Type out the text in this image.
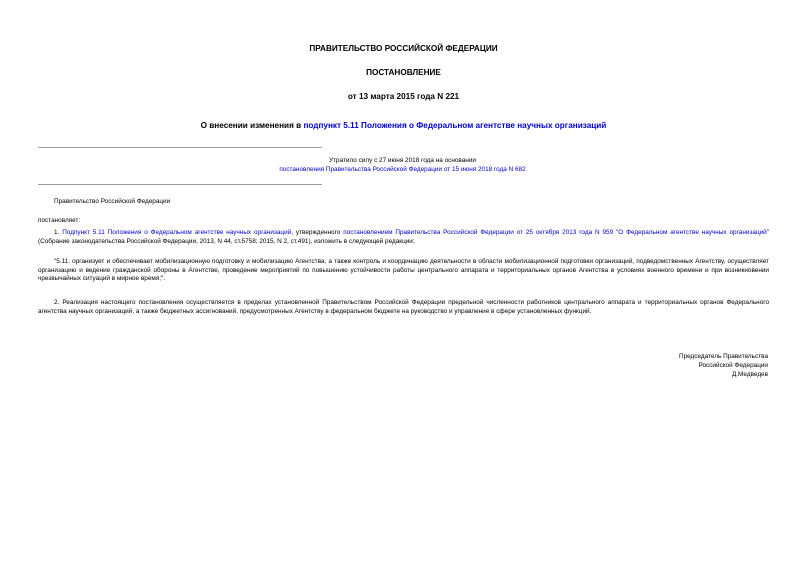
ПРАВИТЕЛЬСТВО РОССИЙСКОЙ ФЕДЕРАЦИИ

ПОСТАНОВЛЕНИЕ

от 13 марта 2015 года N 221

О внесении изменения в подпункт 5.11 Положения о Федеральном агентстве научных организаций

Утратило силу с 27 июня 2018 года на основании
постановления Правительства Российской Федерации от 15 июня 2018 года N 682

Правительство Российской Федерации

постановляет:

1. Подпункт 5.11 Положения о Федеральном агентстве научных организаций, утвержденного постановлением Правительства Российской Федерации от 25 октября 2013 года N 959 "О Федеральном агентстве научных организаций" (Собрание законодательства Российской Федерации, 2013, N 44, ст.5758; 2015, N 2, ст.491), изложить в следующей редакции:

"5.11. организует и обеспечивает мобилизационную подготовку и мобилизацию Агентства, а также контроль и координацию деятельности в области мобилизационной подготовки организаций, подведомственных Агентству, осуществляет организацию и ведение гражданской обороны в Агентстве, проведение мероприятий по повышению устойчивости работы центрального аппарата и территориальных органов Агентства в условиях военного времени и при возникновении чрезвычайных ситуаций в мирное время;".

2. Реализация настоящего постановления осуществляется в пределах установленной Правительством Российской Федерации предельной численности работников центрального аппарата и территориальных органов Федерального агентства научных организаций, а также бюджетных ассигнований, предусмотренных Агентству в федеральном бюджете на руководство и управление в сфере установленных функций.

Председатель Правительства

Российской Федерации

Д.Медведев
